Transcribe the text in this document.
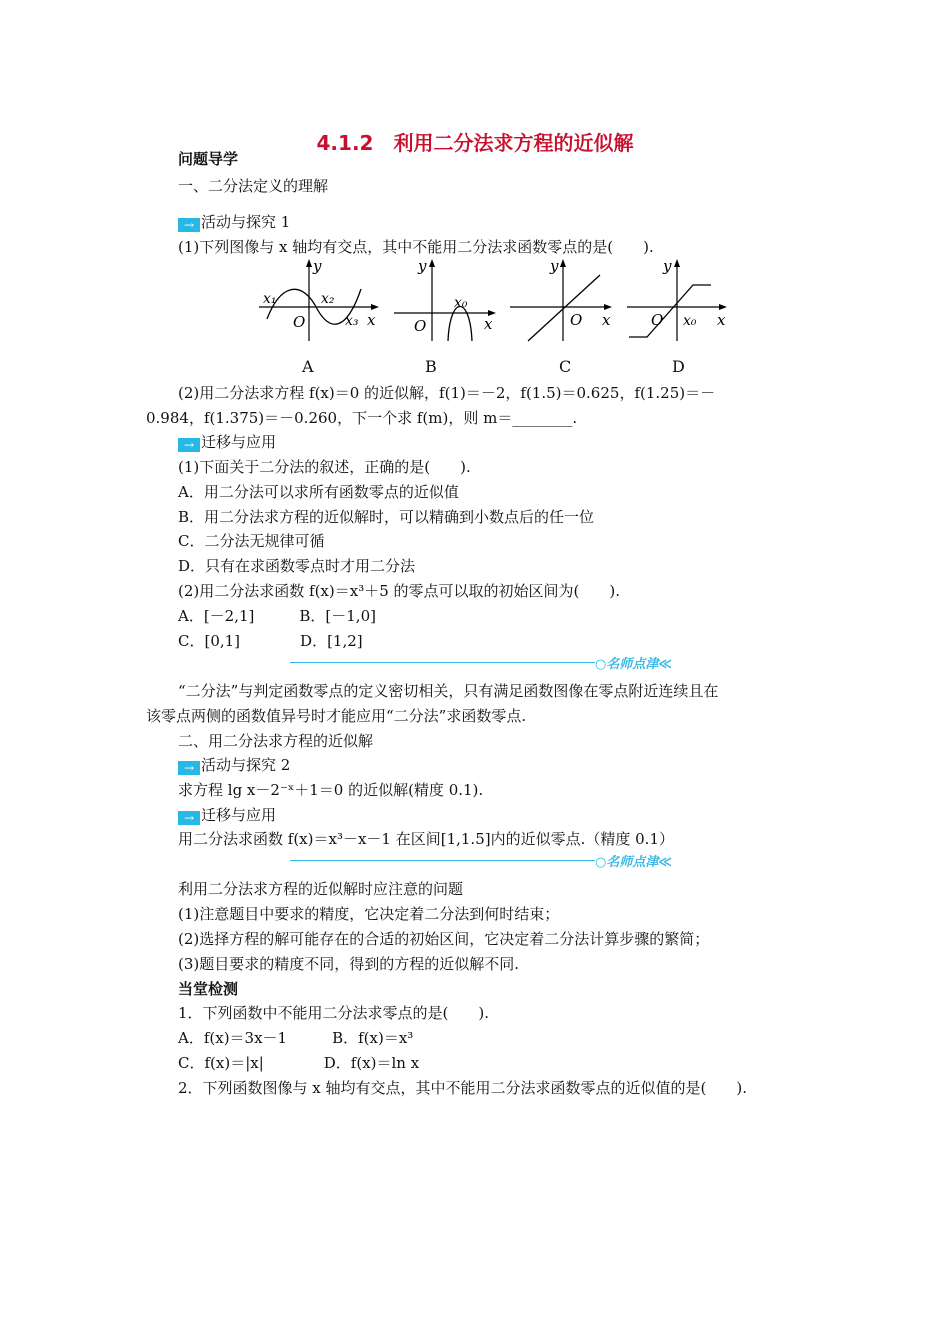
4.1.2　利用二分法求方程的近似解
问题导学
一、二分法定义的理解
→ 活动与探究 1
(1)下列图像与 x 轴均有交点，其中不能用二分法求函数零点的是(　　).
y
x
O
x₁	x₂
x₃
A
y
x
O
x₀
B
y
x
O
C
y
x
O x₀
D
(2)用二分法求方程 f(x)＝0 的近似解，f(1)＝－2，f(1.5)＝0.625，f(1.25)＝－
0.984，f(1.375)＝－0.260，下一个求 f(m)，则 m＝________.
→ 迁移与应用
(1)下面关于二分法的叙述，正确的是(　　).
A．用二分法可以求所有函数零点的近似值
B．用二分法求方程的近似解时，可以精确到小数点后的任一位
C．二分法无规律可循
D．只有在求函数零点时才用二分法
(2)用二分法求函数 f(x)＝x³＋5 的零点可以取的初始区间为(　　).
A．[－2,1]　　　B．[－1,0]
C．[0,1]　　　　D．[1,2]
○名师点津≪
“二分法”与判定函数零点的定义密切相关，只有满足函数图像在零点附近连续且在
该零点两侧的函数值异号时才能应用“二分法”求函数零点.
二、用二分法求方程的近似解
→ 活动与探究 2
求方程 lg x－2⁻ˣ＋1＝0 的近似解(精度 0.1).
→ 迁移与应用
用二分法求函数 f(x)＝x³－x－1 在区间[1,1.5]内的近似零点.（精度 0.1）
○名师点津≪
利用二分法求方程的近似解时应注意的问题
(1)注意题目中要求的精度，它决定着二分法到何时结束；
(2)选择方程的解可能存在的合适的初始区间，它决定着二分法计算步骤的繁简；
(3)题目要求的精度不同，得到的方程的近似解不同.
当堂检测
1．下列函数中不能用二分法求零点的是(　　).
A．f(x)＝3x－1　　　B．f(x)＝x³
C．f(x)＝|x|　　　　D．f(x)＝ln x
2．下列函数图像与 x 轴均有交点，其中不能用二分法求函数零点的近似值的是(　　).
